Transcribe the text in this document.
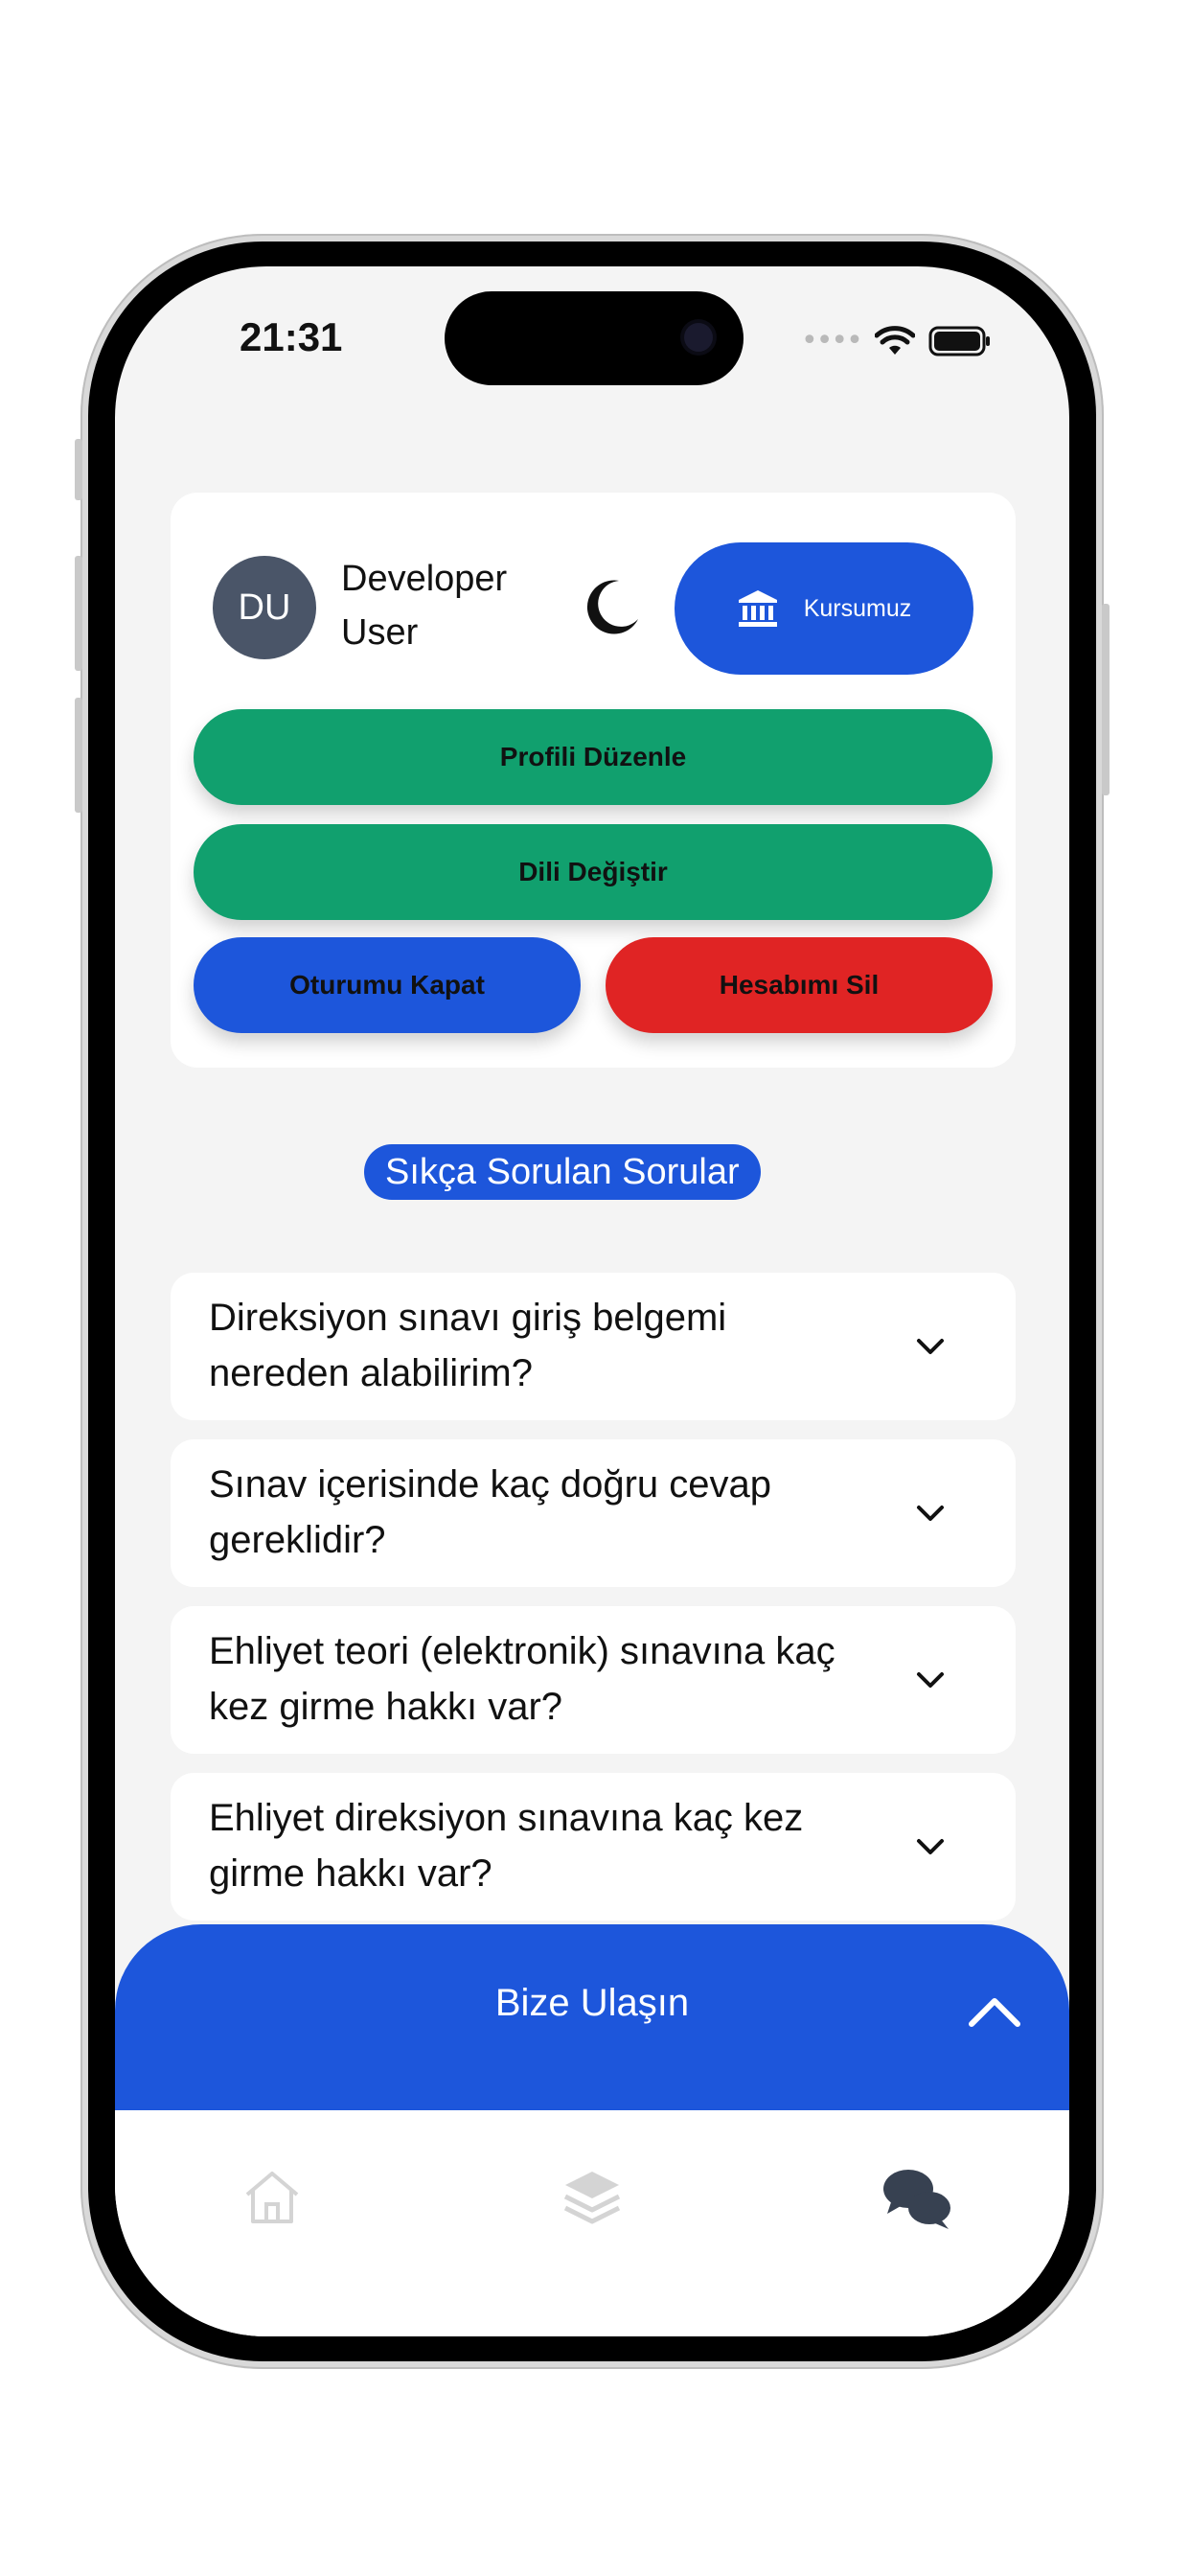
21:31	••••
DU
Developer
User
Kursumuz
Profili Düzenle
Dili Değiştir
Oturumu Kapat	Hesabımı Sil
Sıkça Sorulan Sorular
Direksiyon sınavı giriş belgemi nereden alabilirim?
Sınav içerisinde kaç doğru cevap gereklidir?
Ehliyet teori (elektronik) sınavına kaç kez girme hakkı var?
Ehliyet direksiyon sınavına kaç kez girme hakkı var?
Bize Ulaşın
